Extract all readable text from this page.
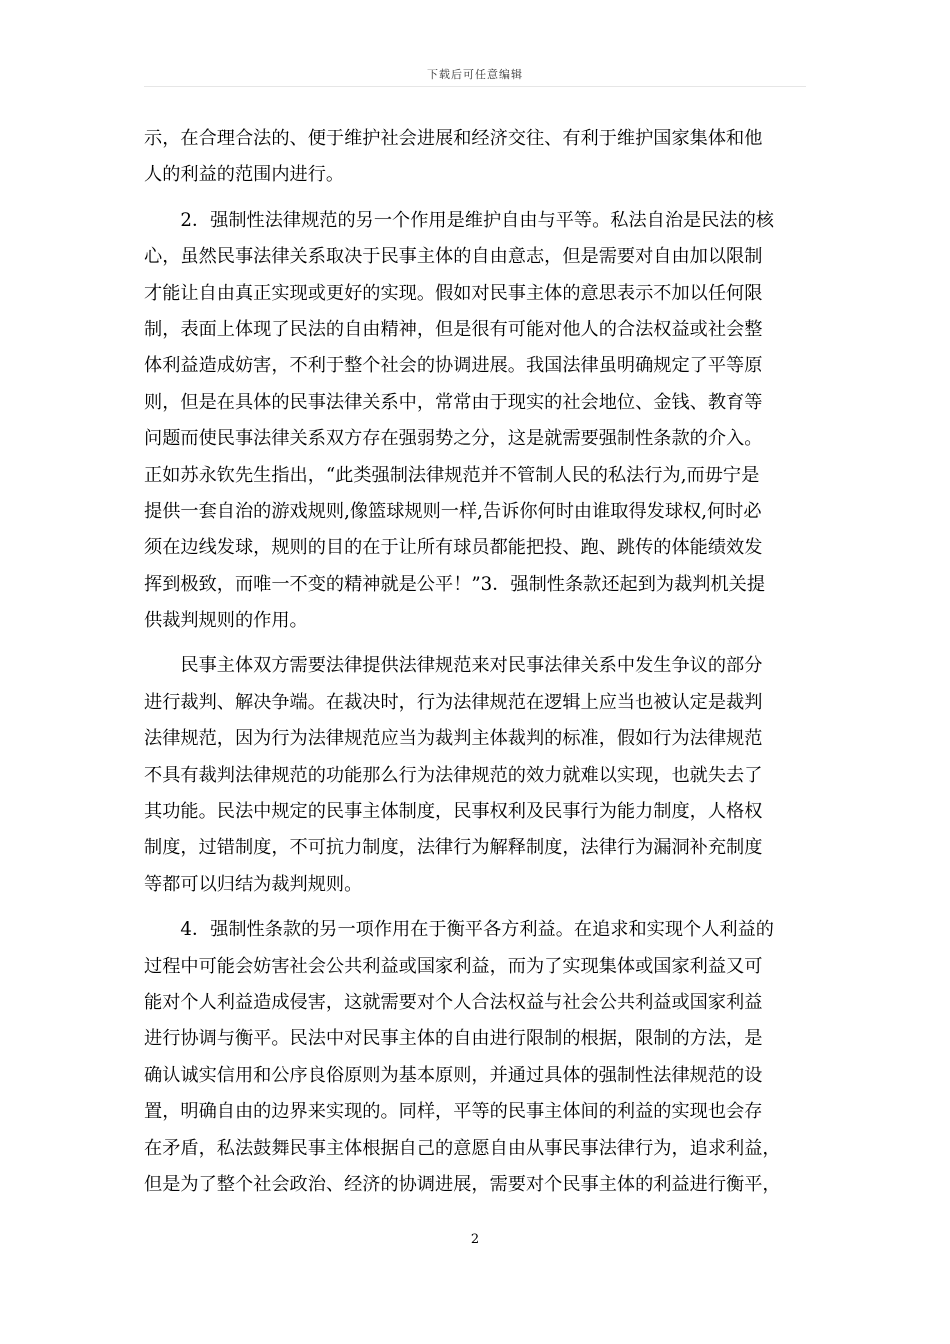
下载后可任意编辑
示，在合理合法的、便于维护社会进展和经济交往、有利于维护国家集体和他
人的利益的范围内进行。
　　2．强制性法律规范的另一个作用是维护自由与平等。私法自治是民法的核
心，虽然民事法律关系取决于民事主体的自由意志，但是需要对自由加以限制
才能让自由真正实现或更好的实现。假如对民事主体的意思表示不加以任何限
制，表面上体现了民法的自由精神，但是很有可能对他人的合法权益或社会整
体利益造成妨害，不利于整个社会的协调进展。我国法律虽明确规定了平等原
则，但是在具体的民事法律关系中，常常由于现实的社会地位、金钱、教育等
问题而使民事法律关系双方存在强弱势之分，这是就需要强制性条款的介入。
正如苏永钦先生指出，“此类强制法律规范并不管制人民的私法行为,而毋宁是
提供一套自治的游戏规则,像篮球规则一样,告诉你何时由谁取得发球权,何时必
须在边线发球，规则的目的在于让所有球员都能把投、跑、跳传的体能绩效发
挥到极致，而唯一不变的精神就是公平！”3．强制性条款还起到为裁判机关提
供裁判规则的作用。
　　民事主体双方需要法律提供法律规范来对民事法律关系中发生争议的部分
进行裁判、解决争端。在裁决时，行为法律规范在逻辑上应当也被认定是裁判
法律规范，因为行为法律规范应当为裁判主体裁判的标准，假如行为法律规范
不具有裁判法律规范的功能那么行为法律规范的效力就难以实现，也就失去了
其功能。民法中规定的民事主体制度，民事权利及民事行为能力制度，人格权
制度，过错制度，不可抗力制度，法律行为解释制度，法律行为漏洞补充制度
等都可以归结为裁判规则。
　　4．强制性条款的另一项作用在于衡平各方利益。在追求和实现个人利益的
过程中可能会妨害社会公共利益或国家利益，而为了实现集体或国家利益又可
能对个人利益造成侵害，这就需要对个人合法权益与社会公共利益或国家利益
进行协调与衡平。民法中对民事主体的自由进行限制的根据，限制的方法，是
确认诚实信用和公序良俗原则为基本原则，并通过具体的强制性法律规范的设
置，明确自由的边界来实现的。同样，平等的民事主体间的利益的实现也会存
在矛盾，私法鼓舞民事主体根据自己的意愿自由从事民事法律行为，追求利益，
但是为了整个社会政治、经济的协调进展，需要对个民事主体的利益进行衡平，
2
